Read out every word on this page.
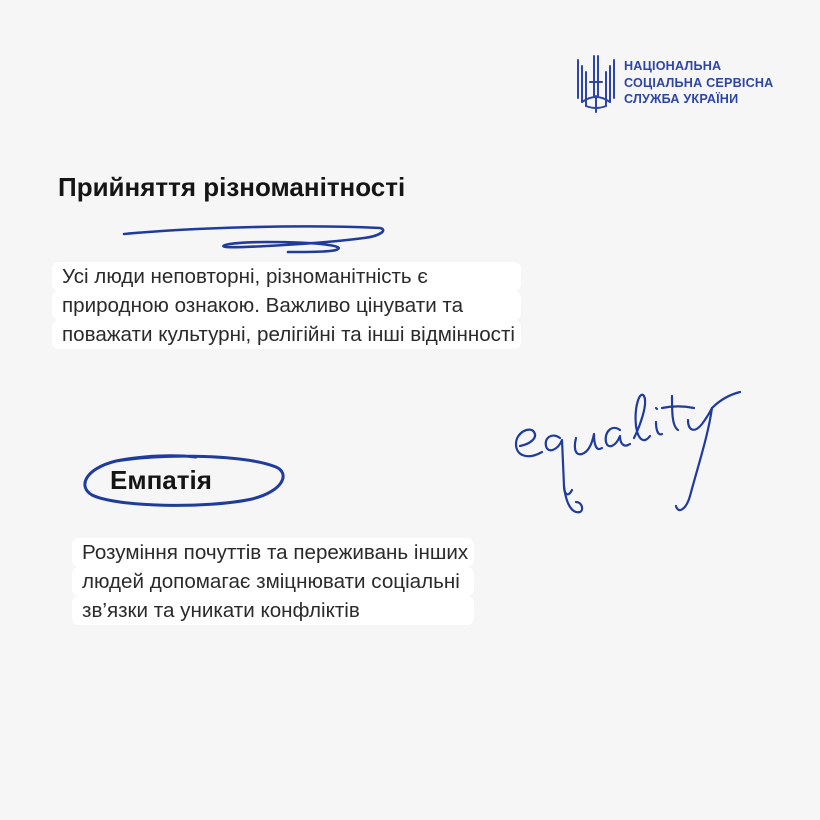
НАЦІОНАЛЬНА
СОЦІАЛЬНА СЕРВІСНА
СЛУЖБА УКРАЇНИ
Прийняття різноманітності
Усі люди неповторні, різноманітність є
природною ознакою. Важливо цінувати та
поважати культурні, релігійні та інші відмінності
Емпатія
Розуміння почуттів та переживань інших
людей допомагає зміцнювати соціальні
зв’язки та уникати конфліктів
